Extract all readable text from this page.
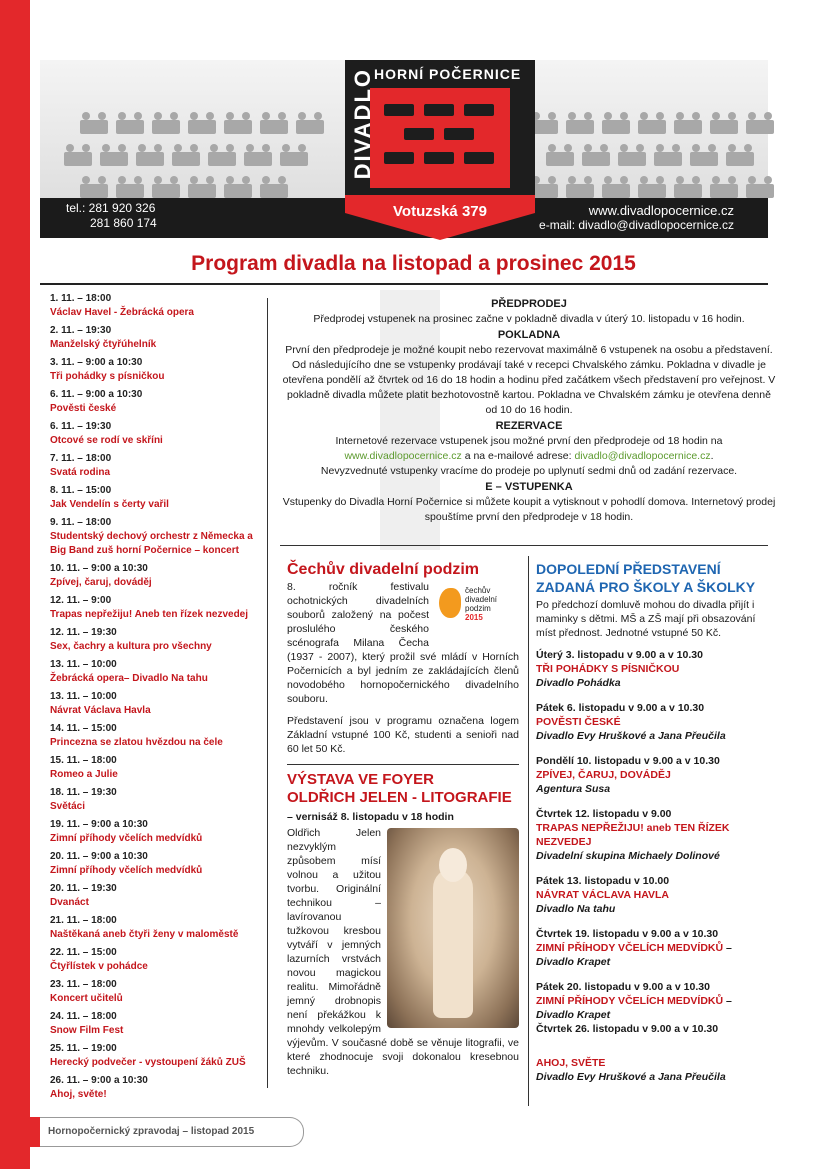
HORNÍ POČERNICE
DIVADLO
DIVADLO
Votuzská 379
tel.: 281 920 326
281 860 174
www.divadlopocernice.cz
e-mail: divadlo@divadlopocernice.cz
Program divadla na listopad a prosinec 2015
1. 11. – 18:00
Václav Havel - Žebrácká opera
2. 11. – 19:30
Manželský čtyřúhelník
3. 11. – 9:00 a 10:30
Tři pohádky s písničkou
6. 11. – 9:00 a 10:30
Pověsti české
6. 11. – 19:30
Otcové se rodí ve skříni
7. 11. – 18:00
Svatá rodina
8. 11. – 15:00
Jak Vendelín s čerty vařil
9. 11. – 18:00
Studentský dechový orchestr z Německa a Big Band zuš horní Počernice – koncert
10. 11. – 9:00 a 10:30
Zpívej, čaruj, dováděj
12. 11. – 9:00
Trapas nepřežiju! Aneb ten řízek nezvedej
12. 11. – 19:30
Sex, čachry a kultura pro všechny
13. 11. – 10:00
Žebrácká opera– Divadlo Na tahu
13. 11. – 10:00
Návrat Václava Havla
14. 11. – 15:00
Princezna se zlatou hvězdou na čele
15. 11. – 18:00
Romeo a Julie
18. 11. – 19:30
Světáci
19. 11. – 9:00 a 10:30
Zimní příhody včelích medvídků
20. 11. – 9:00 a 10:30
Zimní příhody včelích medvídků
20. 11. – 19:30
Dvanáct
21. 11. – 18:00
Naštěkaná aneb čtyři ženy v maloměstě
22. 11. – 15:00
Čtyřlístek v pohádce
23. 11. – 18:00
Koncert učitelů
24. 11. – 18:00
Snow Film Fest
25. 11. – 19:00
Herecký podvečer - vystoupení žáků ZUŠ
26. 11. – 9:00 a 10:30
Ahoj, světe!
PŘEDPRODEJ

Předprodej vstupenek na prosinec začne v pokladně divadla v úterý 10. listopadu v 16 hodin.

POKLADNA

První den předprodeje je možné koupit nebo rezervovat maximálně 6 vstupenek na osobu a představení. Od následujícího dne se vstupenky prodávají také v recepci Chvalského zámku. Pokladna v divadle je otevřena pondělí až čtvrtek od 16 do 18 hodin a hodinu před začátkem všech představení pro veřejnost. V pokladně divadla můžete platit bezhotovostně kartou. Pokladna ve Chvalském zámku je otevřena denně od 10 do 16 hodin.

REZERVACE

Internetové rezervace vstupenek jsou možné první den předprodeje od 18 hodin na
www.divadlopocernice.cz a na e-mailové adrese: divadlo@divadlopocernice.cz.
Nevyzvednuté vstupenky vracíme do prodeje po uplynutí sedmi dnů od zadání rezervace.

E – VSTUPENKA

Vstupenky do Divadla Horní Počernice si můžete koupit a vytisknout v pohodlí domova. Internetový prodej spouštíme první den předprodeje v 18 hodin.

Čechův divadelní podzim
čechův divadelní podzim
2015

8. ročník festivalu ochotnických divadelních souborů založený na počest proslulého českého scénografa Milana Čecha (1937 - 2007), který prožil své mládí v Horních Počernicích a byl jedním ze zakládajících členů novodobého hornopočernického divadelního souboru.

Představení jsou v programu označena logem Základní vstupné 100 Kč, studenti a senioři nad 60 let 50 Kč.

VÝSTAVA VE FOYER
OLDŘICH JELEN - LITOGRAFIE
– vernisáž 8. listopadu v 18 hodin

Oldřich Jelen nezvyklým způsobem mísí volnou a užitou tvorbu. Originální technikou – lavírovanou tužkovou kresbou vytváří v jemných lazurních vrstvách novou magickou realitu. Mimořádně jemný drobnopis není překážkou k mnohdy velkolepým výjevům. V současné době se věnuje litografii, ve které zhodnocuje svoji dokonalou kresebnou techniku.

DOPOLEDNÍ PŘEDSTAVENÍ
ZADANÁ PRO ŠKOLY A ŠKOLKY

Po předchozí domluvě mohou do divadla přijít i maminky s dětmi. MŠ a ZŠ mají při obsazování míst přednost. Jednotné vstupné 50 Kč.

Úterý 3. listopadu v 9.00 a v 10.30
TŘI POHÁDKY S PÍSNIČKOU
Divadlo Pohádka
Pátek 6. listopadu v 9.00 a v 10.30
POVĚSTI ČESKÉ
Divadlo Evy Hruškové a Jana Přeučila
Pondělí 10. listopadu v 9.00 a v 10.30
ZPÍVEJ, ČARUJ, DOVÁDĚJ
Agentura Susa
Čtvrtek 12. listopadu v 9.00
TRAPAS NEPŘEŽIJU! aneb TEN ŘÍZEK NEZVEDEJ
Divadelní skupina Michaely Dolinové
Pátek 13. listopadu v 10.00
NÁVRAT VÁCLAVA HAVLA
Divadlo Na tahu
Čtvrtek 19. listopadu v 9.00 a v 10.30
ZIMNÍ PŘÍHODY VČELÍCH MEDVÍDKŮ – Divadlo Krapet
Pátek 20. listopadu v 9.00 a v 10.30
ZIMNÍ PŘÍHODY VČELÍCH MEDVÍDKŮ – Divadlo Krapet
Čtvrtek 26. listopadu v 9.00 a v 10.30
AHOJ, SVĚTE
Divadlo Evy Hruškové a Jana Přeučila
Hornopočernický zpravodaj – listopad 2015
